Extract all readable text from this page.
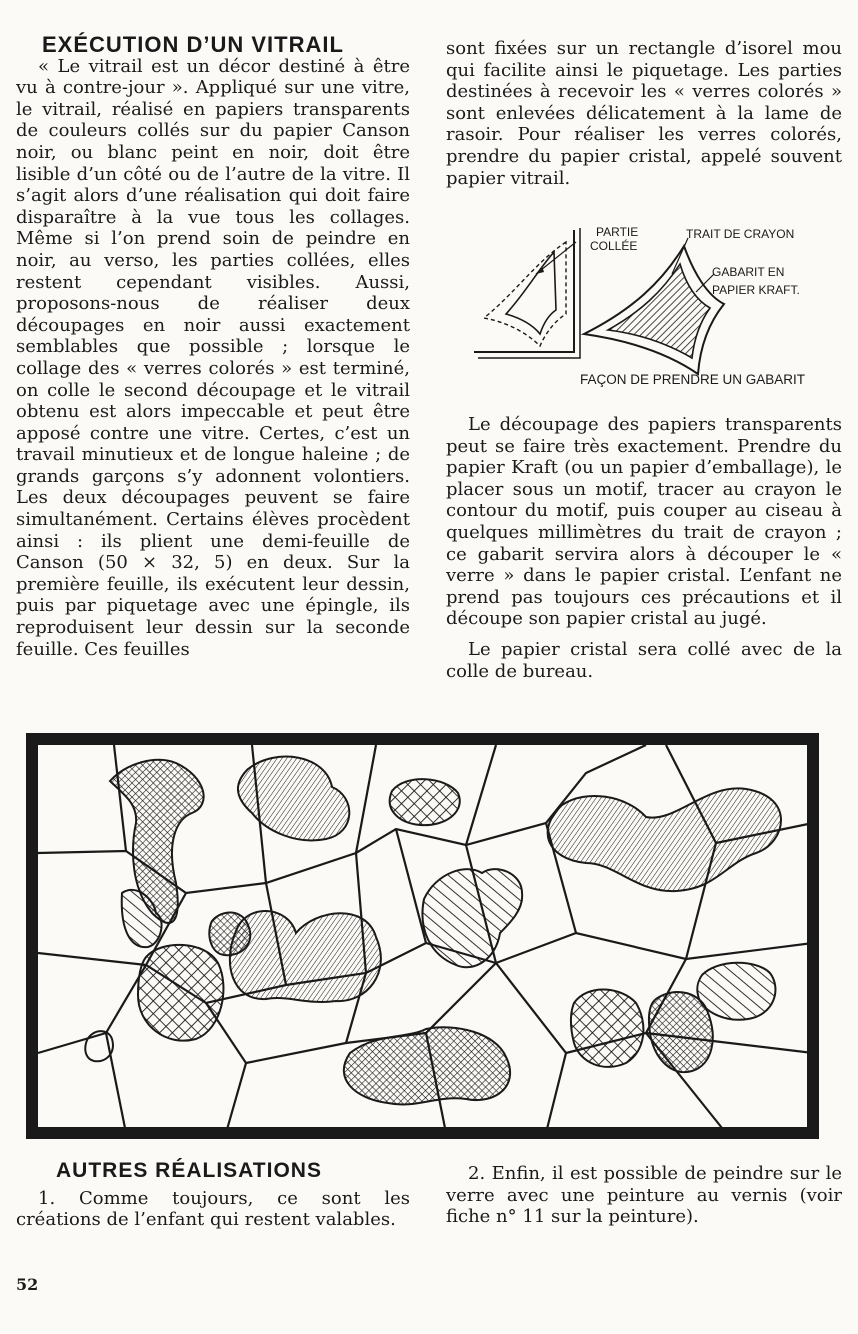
EXÉCUTION D’UN VITRAIL

« Le vitrail est un décor destiné à être vu à contre-jour ». Appliqué sur une vitre, le vitrail, réalisé en papiers transparents de couleurs collés sur du papier Canson noir, ou blanc peint en noir, doit être lisible d’un côté ou de l’autre de la vitre. Il s’agit alors d’une réalisation qui doit faire disparaître à la vue tous les collages. Même si l’on prend soin de peindre en noir, au verso, les parties collées, elles restent cependant visibles. Aussi, proposons-nous de réaliser deux découpages en noir aussi exactement semblables que possible ; lorsque le collage des « verres colorés » est terminé, on colle le second découpage et le vitrail obtenu est alors impeccable et peut être apposé contre une vitre. Certes, c’est un travail minutieux et de longue haleine ; de grands garçons s’y adonnent volontiers. Les deux découpages peuvent se faire simultanément. Certains élèves procèdent ainsi : ils plient une demi-feuille de Canson (50 × 32, 5) en deux. Sur la première feuille, ils exécutent leur dessin, puis par piquetage avec une épingle, ils reproduisent leur dessin sur la seconde feuille. Ces feuilles

sont fixées sur un rectangle d’isorel mou qui facilite ainsi le piquetage. Les parties destinées à recevoir les « verres colorés » sont enlevées délicatement à la lame de rasoir. Pour réaliser les verres colorés, prendre du papier cristal, appelé souvent papier vitrail.

PARTIE
COLLÉE
TRAIT DE CRAYON
GABARIT EN
PAPIER KRAFT.
FAÇON DE PRENDRE UN GABARIT

Le découpage des papiers transparents peut se faire très exactement. Prendre du papier Kraft (ou un papier d’emballage), le placer sous un motif, tracer au crayon le contour du motif, puis couper au ciseau à quelques millimètres du trait de crayon ; ce gabarit servira alors à découper le « verre » dans le papier cristal. L’enfant ne prend pas toujours ces précautions et il découpe son papier cristal au jugé.

Le papier cristal sera collé avec de la colle de bureau.

AUTRES RÉALISATIONS

1. Comme toujours, ce sont les créations de l’enfant qui restent valables.

2. Enfin, il est possible de peindre sur le verre avec une peinture au vernis (voir fiche n° 11 sur la peinture).

52
